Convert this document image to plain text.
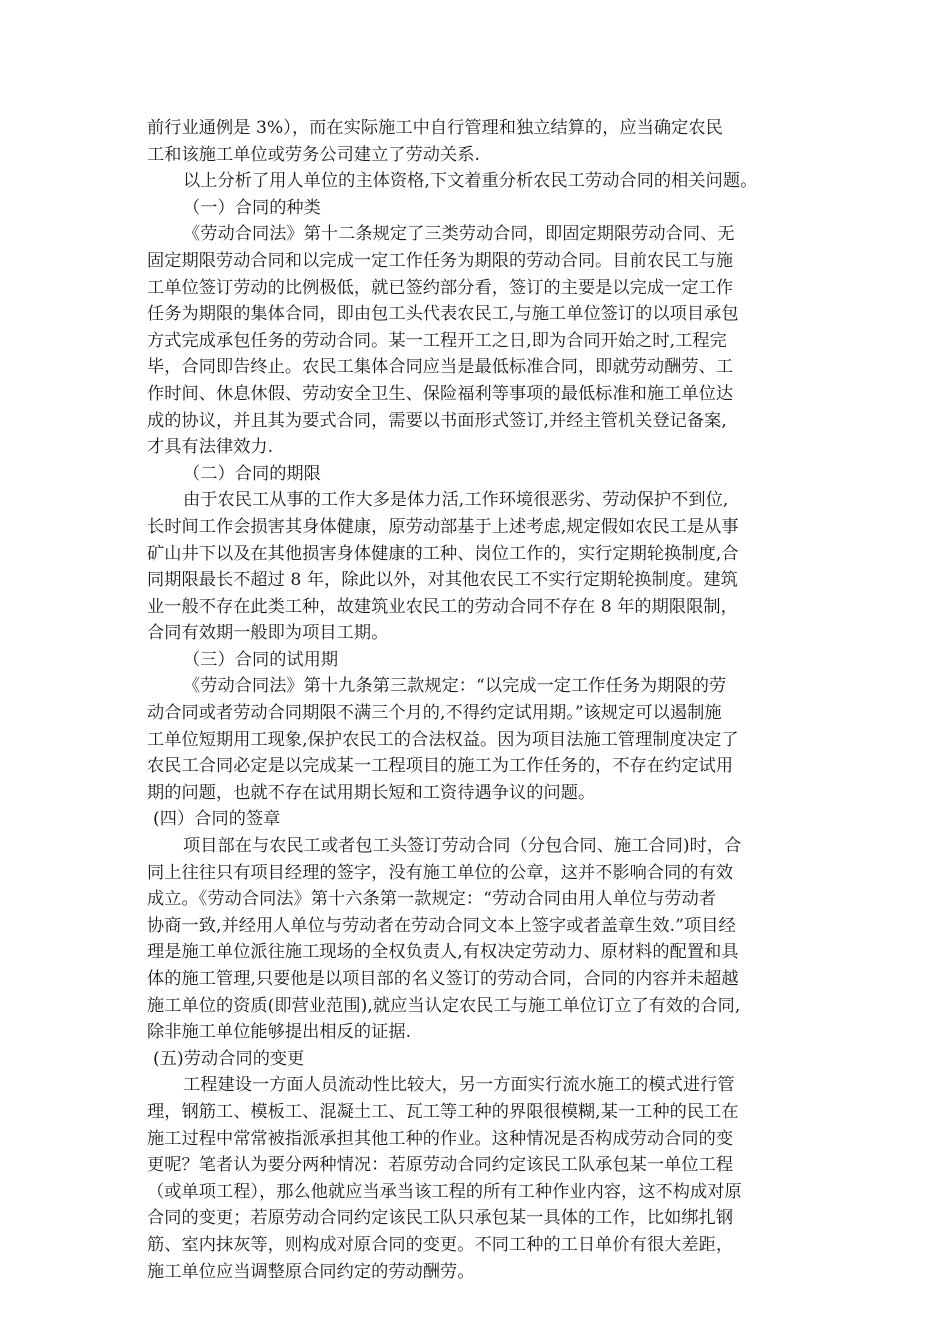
前行业通例是 3%），而在实际施工中自行管理和独立结算的，应当确定农民
工和该施工单位或劳务公司建立了劳动关系.
以上分析了用人单位的主体资格,下文着重分析农民工劳动合同的相关问题。
（一）合同的种类
《劳动合同法》第十二条规定了三类劳动合同，即固定期限劳动合同、无
固定期限劳动合同和以完成一定工作任务为期限的劳动合同。目前农民工与施
工单位签订劳动的比例极低，就已签约部分看，签订的主要是以完成一定工作
任务为期限的集体合同，即由包工头代表农民工,与施工单位签订的以项目承包
方式完成承包任务的劳动合同。某一工程开工之日,即为合同开始之时,工程完
毕，合同即告终止。农民工集体合同应当是最低标准合同，即就劳动酬劳、工
作时间、休息休假、劳动安全卫生、保险福利等事项的最低标准和施工单位达
成的协议，并且其为要式合同，需要以书面形式签订,并经主管机关登记备案,
才具有法律效力.
（二）合同的期限
由于农民工从事的工作大多是体力活,工作环境很恶劣、劳动保护不到位,
长时间工作会损害其身体健康，原劳动部基于上述考虑,规定假如农民工是从事
矿山井下以及在其他损害身体健康的工种、岗位工作的，实行定期轮换制度,合
同期限最长不超过 8 年，除此以外，对其他农民工不实行定期轮换制度。建筑
业一般不存在此类工种，故建筑业农民工的劳动合同不存在 8 年的期限限制，
合同有效期一般即为项目工期。
（三）合同的试用期
《劳动合同法》第十九条第三款规定：“以完成一定工作任务为期限的劳
动合同或者劳动合同期限不满三个月的,不得约定试用期。”该规定可以遏制施
工单位短期用工现象,保护农民工的合法权益。因为项目法施工管理制度决定了
农民工合同必定是以完成某一工程项目的施工为工作任务的，不存在约定试用
期的问题，也就不存在试用期长短和工资待遇争议的问题。
(四）合同的签章
项目部在与农民工或者包工头签订劳动合同（分包合同、施工合同)时，合
同上往往只有项目经理的签字，没有施工单位的公章，这并不影响合同的有效
成立。《劳动合同法》第十六条第一款规定：“劳动合同由用人单位与劳动者
协商一致,并经用人单位与劳动者在劳动合同文本上签字或者盖章生效.”项目经
理是施工单位派往施工现场的全权负责人,有权决定劳动力、原材料的配置和具
体的施工管理,只要他是以项目部的名义签订的劳动合同，合同的内容并未超越
施工单位的资质(即营业范围),就应当认定农民工与施工单位订立了有效的合同,
除非施工单位能够提出相反的证据.
(五)劳动合同的变更
工程建设一方面人员流动性比较大，另一方面实行流水施工的模式进行管
理，钢筋工、模板工、混凝土工、瓦工等工种的界限很模糊,某一工种的民工在
施工过程中常常被指派承担其他工种的作业。这种情况是否构成劳动合同的变
更呢？笔者认为要分两种情况：若原劳动合同约定该民工队承包某一单位工程
（或单项工程），那么他就应当承当该工程的所有工种作业内容，这不构成对原
合同的变更；若原劳动合同约定该民工队只承包某一具体的工作，比如绑扎钢
筋、室内抹灰等，则构成对原合同的变更。不同工种的工日单价有很大差距，
施工单位应当调整原合同约定的劳动酬劳。
